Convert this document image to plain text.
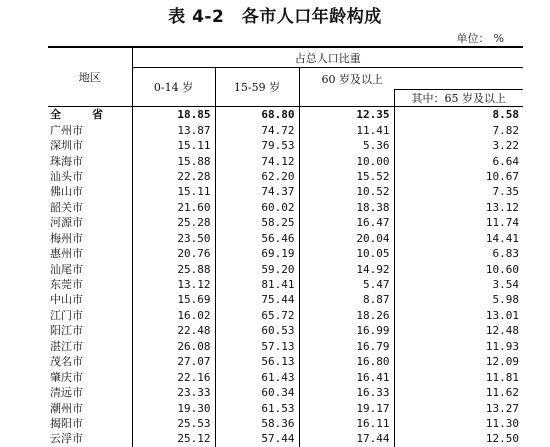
表 4-2　各市人口年龄构成
单位： %
地区	占总人口比重			
	0-14 岁	15-59 岁	60 岁及以上	
				其中：65 岁及以上
全　省	18.85	68.80	12.35	8.58
广州市	13.87	74.72	11.41	7.82
深圳市	15.11	79.53	5.36	3.22
珠海市	15.88	74.12	10.00	6.64
汕头市	22.28	62.20	15.52	10.67
佛山市	15.11	74.37	10.52	7.35
韶关市	21.60	60.02	18.38	13.12
河源市	25.28	58.25	16.47	11.74
梅州市	23.50	56.46	20.04	14.41
惠州市	20.76	69.19	10.05	6.83
汕尾市	25.88	59.20	14.92	10.60
东莞市	13.12	81.41	5.47	3.54
中山市	15.69	75.44	8.87	5.98
江门市	16.02	65.72	18.26	13.01
阳江市	22.48	60.53	16.99	12.48
湛江市	26.08	57.13	16.79	11.93
茂名市	27.07	56.13	16.80	12.09
肇庆市	22.16	61.43	16.41	11.81
清远市	23.33	60.34	16.33	11.62
潮州市	19.30	61.53	19.17	13.27
揭阳市	25.53	58.36	16.11	11.30
云浮市	25.12	57.44	17.44	12.50
